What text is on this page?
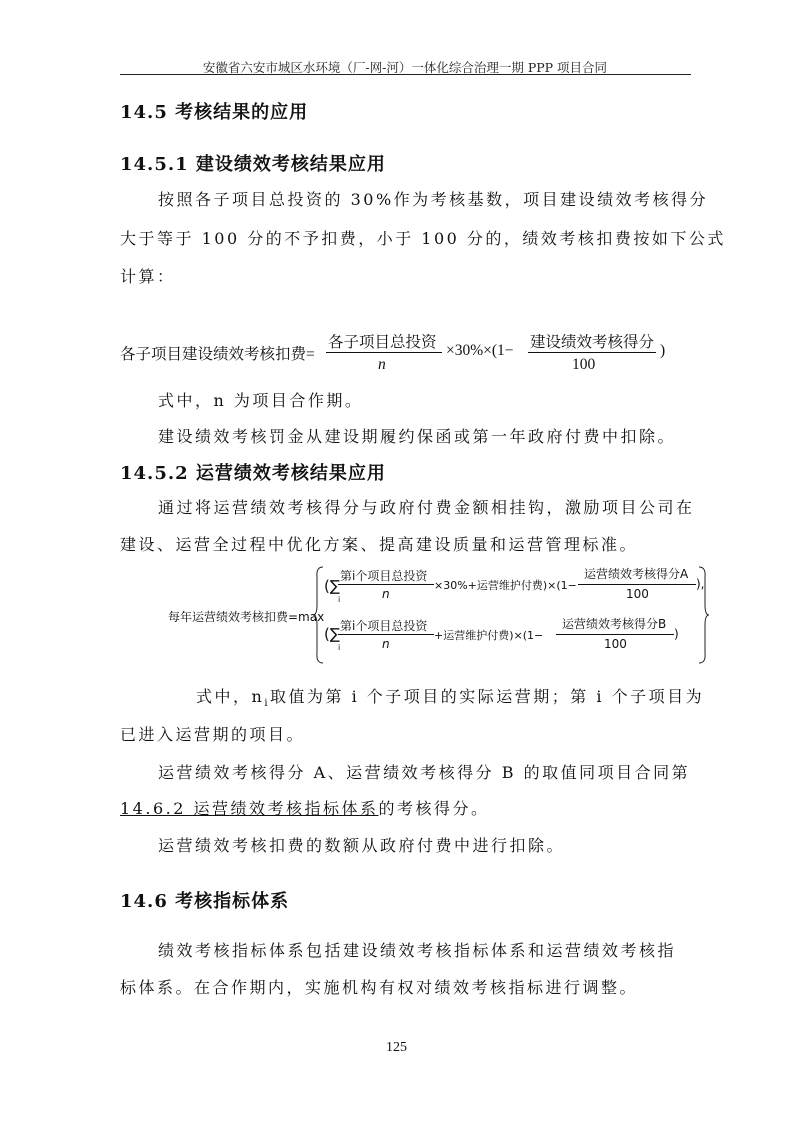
安徽省六安市城区水环境（厂-网-河）一体化综合治理一期 PPP 项目合同
14.5 考核结果的应用
14.5.1 建设绩效考核结果应用
按照各子项目总投资的 30%作为考核基数，项目建设绩效考核得分
大于等于 100 分的不予扣费，小于 100 分的，绩效考核扣费按如下公式
计算：
各子项目建设绩效考核扣费=
各子项目总投资
n
×30%×(1− 建设绩效考核得分
100
)
式中，n 为项目合作期。
建设绩效考核罚金从建设期履约保函或第一年政府付费中扣除。
14.5.2 运营绩效考核结果应用
通过将运营绩效考核得分与政府付费金额相挂钩，激励项目公司在
建设、运营全过程中优化方案、提高建设质量和运营管理标准。
每年运营绩效考核扣费=max
(∑
i
第i个项目总投资
n
×30%+运营维护付费)×(1−
运营绩效考核得分A
100
),
(∑
i
第i个项目总投资
n
+运营维护付费)×(1−
运营绩效考核得分B
100
)
式中，$n_i$取值为第 i 个子项目的实际运营期；第 i 个子项目为
已进入运营期的项目。
运营绩效考核得分 A、运营绩效考核得分 B 的取值同项目合同第
14.6.2 运营绩效考核指标体系的考核得分。
运营绩效考核扣费的数额从政府付费中进行扣除。
14.6 考核指标体系
绩效考核指标体系包括建设绩效考核指标体系和运营绩效考核指
标体系。在合作期内，实施机构有权对绩效考核指标进行调整。
125
